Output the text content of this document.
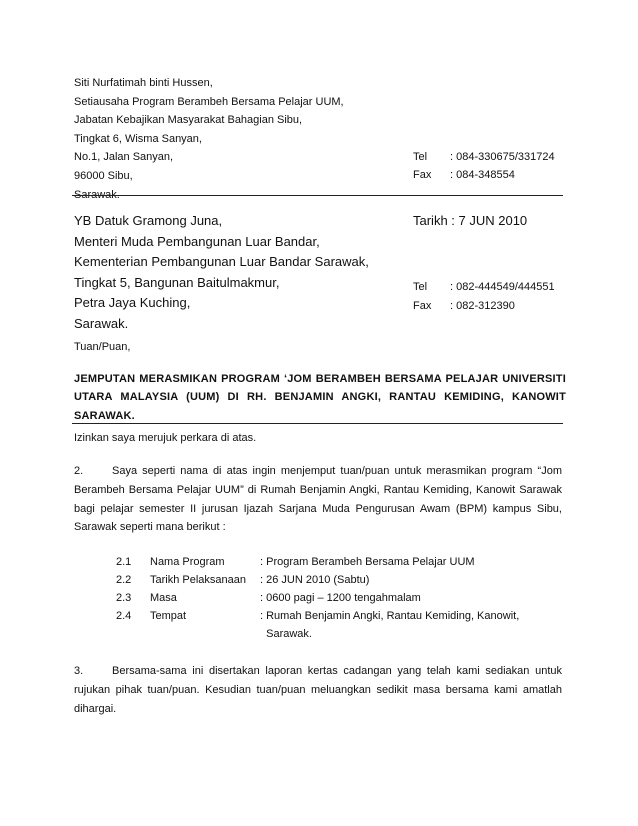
Siti Nurfatimah binti Hussen,
Setiausaha Program Berambeh Bersama Pelajar UUM,
Jabatan Kebajikan Masyarakat Bahagian Sibu,
Tingkat 6, Wisma Sanyan,
No.1, Jalan Sanyan,
96000 Sibu,
Sarawak.
Tel : 084-330675/331724
Fax : 084-348554
YB Datuk Gramong Juna,
Menteri Muda Pembangunan Luar Bandar,
Kementerian Pembangunan Luar Bandar Sarawak,
Tingkat 5, Bangunan Baitulmakmur,
Petra Jaya Kuching,
Sarawak.
Tarikh : 7 JUN 2010
Tel : 082-444549/444551
Fax : 082-312390
Tuan/Puan,
JEMPUTAN MERASMIKAN PROGRAM ‘JOM BERAMBEH BERSAMA PELAJAR UNIVERSITI UTARA MALAYSIA (UUM) DI RH. BENJAMIN ANGKI, RANTAU KEMIDING, KANOWIT SARAWAK.
Izinkan saya merujuk perkara di atas.
2.	Saya seperti nama di atas ingin menjemput tuan/puan untuk merasmikan program “Jom Berambeh Bersama Pelajar UUM” di Rumah Benjamin Angki, Rantau Kemiding, Kanowit Sarawak bagi pelajar semester II jurusan Ijazah Sarjana Muda Pengurusan Awam (BPM) kampus Sibu, Sarawak seperti mana berikut :
2.1	Nama Program	: Program Berambeh Bersama Pelajar UUM
2.2	Tarikh Pelaksanaan	: 26 JUN 2010 (Sabtu)
2.3	Masa	: 0600 pagi – 1200 tengahmalam
2.4	Tempat	: Rumah Benjamin Angki, Rantau Kemiding, Kanowit,
Sarawak.
3.	Bersama-sama ini disertakan laporan kertas cadangan yang telah kami sediakan untuk rujukan pihak tuan/puan. Kesudian tuan/puan meluangkan sedikit masa bersama kami amatlah dihargai.
